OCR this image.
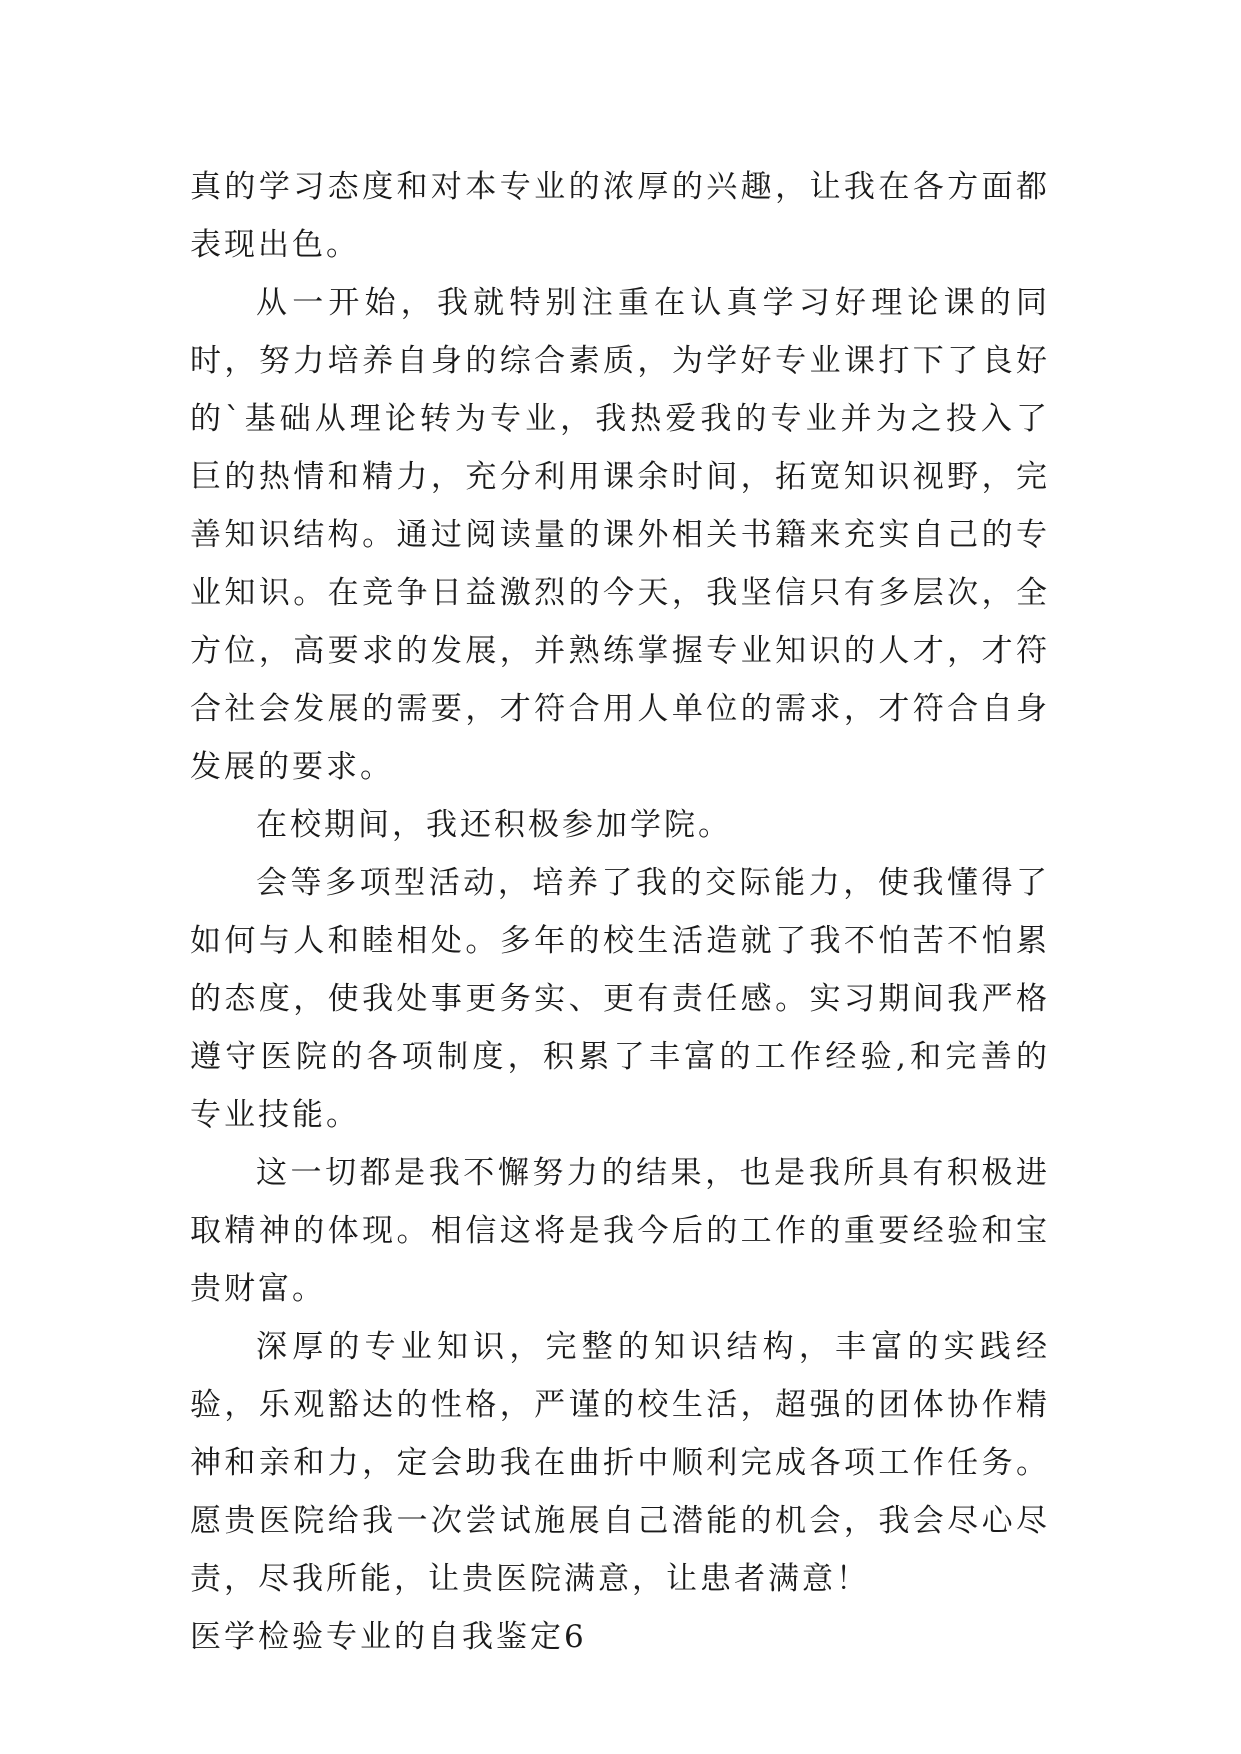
真的学习态度和对本专业的浓厚的兴趣，让我在各方面都表现出色。

从一开始，我就特别注重在认真学习好理论课的同时，努力培养自身的综合素质，为学好专业课打下了良好的`基础从理论转为专业，我热爱我的专业并为之投入了巨的热情和精力，充分利用课余时间，拓宽知识视野，完善知识结构。通过阅读量的课外相关书籍来充实自己的专业知识。在竞争日益激烈的今天，我坚信只有多层次，全方位，高要求的发展，并熟练掌握专业知识的人才，才符合社会发展的需要，才符合用人单位的需求，才符合自身发展的要求。

在校期间，我还积极参加学院。

会等多项型活动，培养了我的交际能力，使我懂得了如何与人和睦相处。多年的校生活造就了我不怕苦不怕累的态度，使我处事更务实、更有责任感。实习期间我严格遵守医院的各项制度，积累了丰富的工作经验,和完善的专业技能。

这一切都是我不懈努力的结果，也是我所具有积极进取精神的体现。相信这将是我今后的工作的重要经验和宝贵财富。

深厚的专业知识，完整的知识结构，丰富的实践经验，乐观豁达的性格，严谨的校生活，超强的团体协作精神和亲和力，定会助我在曲折中顺利完成各项工作任务。愿贵医院给我一次尝试施展自己潜能的机会，我会尽心尽责，尽我所能，让贵医院满意，让患者满意！

医学检验专业的自我鉴定6
